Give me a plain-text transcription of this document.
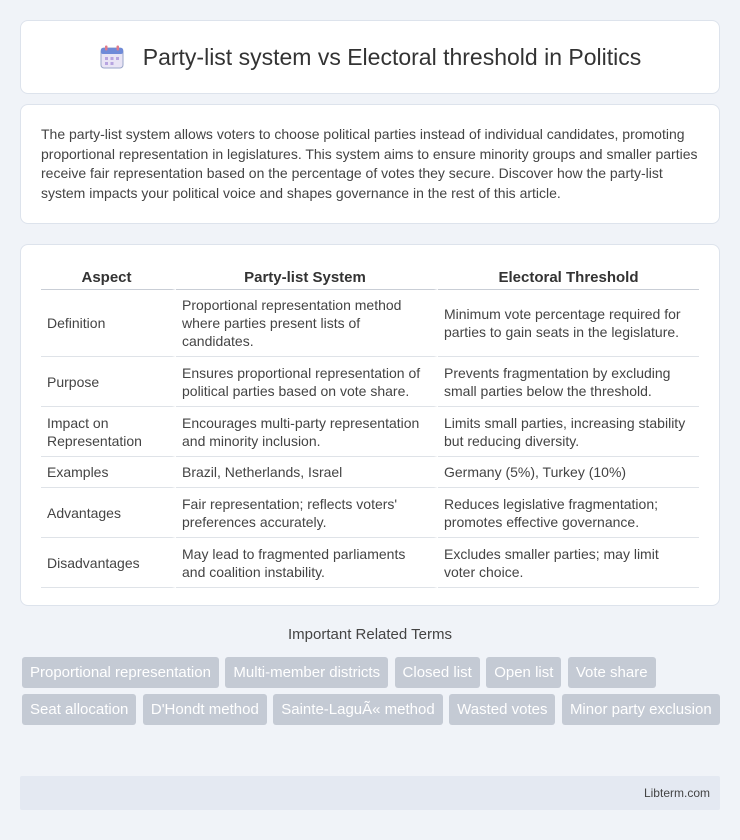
Party-list system vs Electoral threshold in Politics

The party-list system allows voters to choose political parties instead of individual candidates, promoting proportional representation in legislatures. This system aims to ensure minority groups and smaller parties receive fair representation based on the percentage of votes they secure. Discover how the party-list system impacts your political voice and shapes governance in the rest of this article.

Aspect	Party-list System	Electoral Threshold
Definition	Proportional representation method where parties present lists of candidates.	Minimum vote percentage required for parties to gain seats in the legislature.
Purpose	Ensures proportional representation of political parties based on vote share.	Prevents fragmentation by excluding small parties below the threshold.
Impact on Representation	Encourages multi-party representation and minority inclusion.	Limits small parties, increasing stability but reducing diversity.
Examples	Brazil, Netherlands, Israel	Germany (5%), Turkey (10%)
Advantages	Fair representation; reflects voters' preferences accurately.	Reduces legislative fragmentation; promotes effective governance.
Disadvantages	May lead to fragmented parliaments and coalition instability.	Excludes smaller parties; may limit voter choice.
Important Related Terms
Proportional representation Multi-member districts Closed list Open list Vote share Seat allocation D'Hondt method Sainte-LaguÃ« method Wasted votes Minor party exclusion
Libterm.com
